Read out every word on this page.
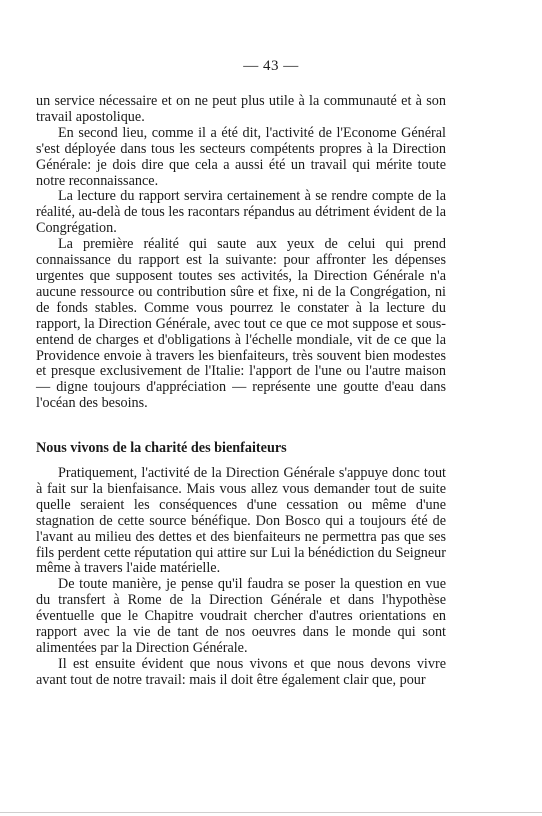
— 43 —

un service nécessaire et on ne peut plus utile à la communauté et à son travail apostolique.

En second lieu, comme il a été dit, l'activité de l'Econome Général s'est déployée dans tous les secteurs compétents propres à la Direction Générale: je dois dire que cela a aussi été un travail qui mérite toute notre reconnaissance.

La lecture du rapport servira certainement à se rendre compte de la réalité, au-delà de tous les racontars répandus au détriment évident de la Congrégation.

La première réalité qui saute aux yeux de celui qui prend connaissance du rapport est la suivante: pour affronter les dépenses urgentes que supposent toutes ses activités, la Direction Générale n'a aucune ressource ou contribution sûre et fixe, ni de la Congrégation, ni de fonds stables. Comme vous pourrez le constater à la lecture du rapport, la Direction Générale, avec tout ce que ce mot suppose et sous-entend de charges et d'obligations à l'échelle mondiale, vit de ce que la Providence envoie à travers les bienfaiteurs, très souvent bien modestes et presque exclusivement de l'Italie: l'apport de l'une ou l'autre maison — digne toujours d'appréciation — représente une goutte d'eau dans l'océan des besoins.

Nous vivons de la charité des bienfaiteurs

Pratiquement, l'activité de la Direction Générale s'appuye donc tout à fait sur la bienfaisance. Mais vous allez vous demander tout de suite quelle seraient les conséquences d'une cessation ou même d'une stagnation de cette source bénéfique. Don Bosco qui a toujours été de l'avant au milieu des dettes et des bienfaiteurs ne permettra pas que ses fils perdent cette réputation qui attire sur Lui la bénédiction du Seigneur même à travers l'aide matérielle.

De toute manière, je pense qu'il faudra se poser la question en vue du transfert à Rome de la Direction Générale et dans l'hypothèse éventuelle que le Chapitre voudrait chercher d'autres orientations en rapport avec la vie de tant de nos oeuvres dans le monde qui sont alimentées par la Direction Générale.

Il est ensuite évident que nous vivons et que nous devons vivre avant tout de notre travail: mais il doit être également clair que, pour
